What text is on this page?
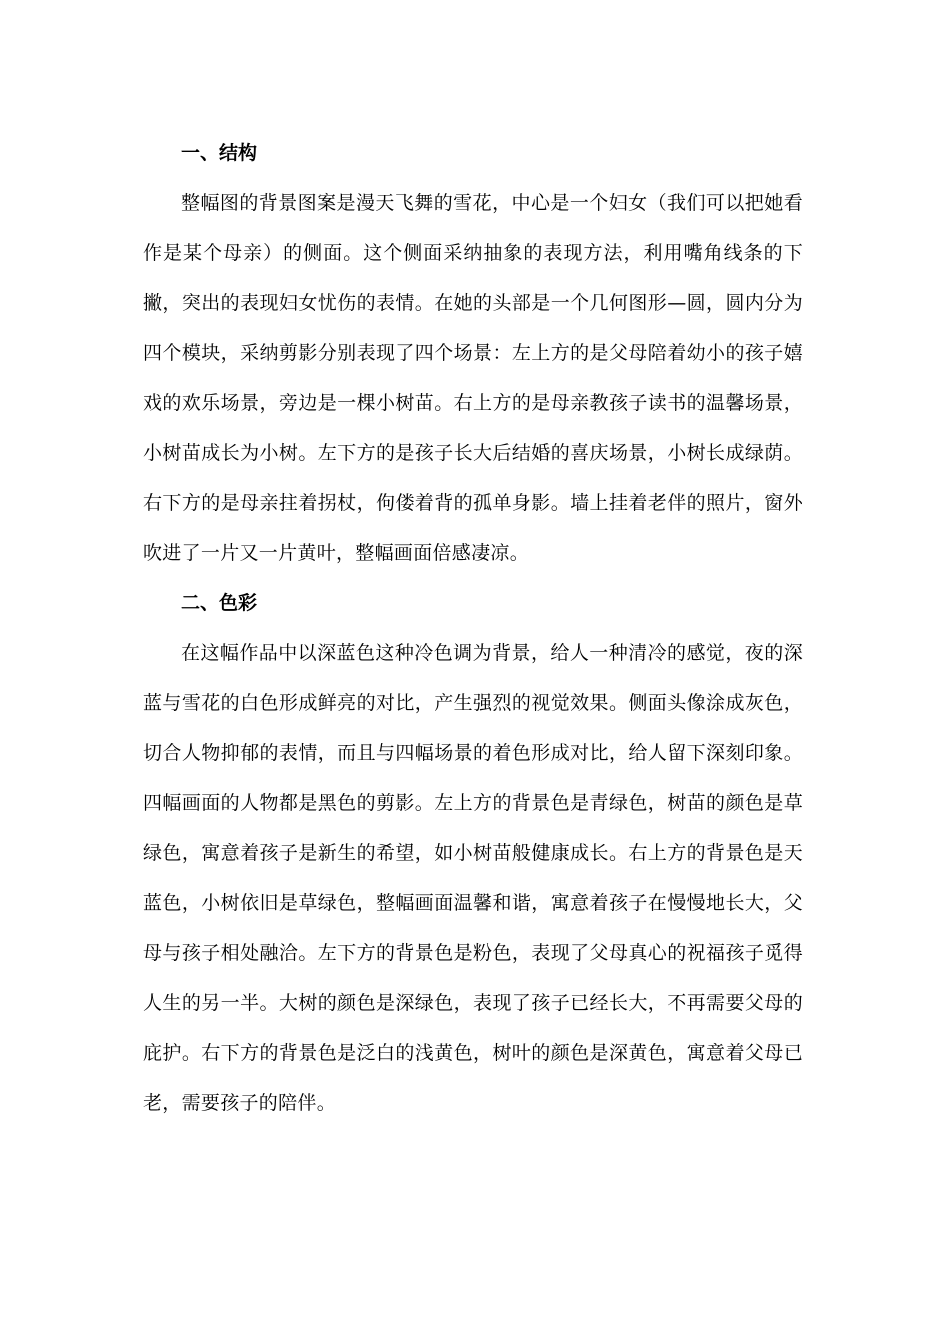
一、结构

整幅图的背景图案是漫天飞舞的雪花，中心是一个妇女（我们可以把她看作是某个母亲）的侧面。这个侧面采纳抽象的表现方法，利用嘴角线条的下撇，突出的表现妇女忧伤的表情。在她的头部是一个几何图形—圆，圆内分为四个模块，采纳剪影分别表现了四个场景：左上方的是父母陪着幼小的孩子嬉戏的欢乐场景，旁边是一棵小树苗。右上方的是母亲教孩子读书的温馨场景，小树苗成长为小树。左下方的是孩子长大后结婚的喜庆场景，小树长成绿荫。右下方的是母亲拄着拐杖，佝偻着背的孤单身影。墙上挂着老伴的照片，窗外吹进了一片又一片黄叶，整幅画面倍感凄凉。

二、色彩

在这幅作品中以深蓝色这种冷色调为背景，给人一种清冷的感觉，夜的深蓝与雪花的白色形成鲜亮的对比，产生强烈的视觉效果。侧面头像涂成灰色，切合人物抑郁的表情，而且与四幅场景的着色形成对比，给人留下深刻印象。四幅画面的人物都是黑色的剪影。左上方的背景色是青绿色，树苗的颜色是草绿色，寓意着孩子是新生的希望，如小树苗般健康成长。右上方的背景色是天蓝色，小树依旧是草绿色，整幅画面温馨和谐，寓意着孩子在慢慢地长大，父母与孩子相处融洽。左下方的背景色是粉色，表现了父母真心的祝福孩子觅得人生的另一半。大树的颜色是深绿色，表现了孩子已经长大，不再需要父母的庇护。右下方的背景色是泛白的浅黄色，树叶的颜色是深黄色，寓意着父母已老，需要孩子的陪伴。
